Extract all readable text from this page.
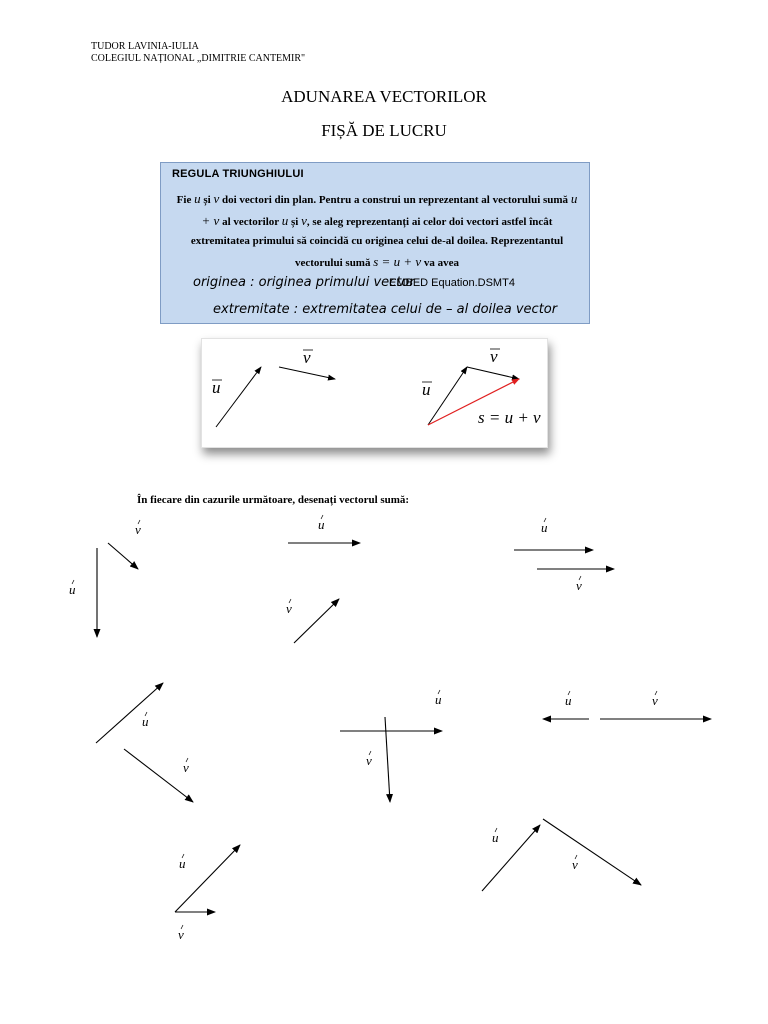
TUDOR LAVINIA-IULIA
COLEGIUL NAȚIONAL „DIMITRIE CANTEMIR"
ADUNAREA VECTORILOR
FIȘĂ DE LUCRU
REGULA TRIUNGHIULUI
Fie u și v doi vectori din plan. Pentru a construi un reprezentant al vectorului sumă u + v al vectorilor u și v, se aleg reprezentanți ai celor doi vectori astfel încât extremitatea primului să coincidă cu originea celui de-al doilea. Reprezentantul vectorului sumă s = u + v va avea
originea : originea primului vector
EMBED Equation.DSMT4
extremitate : extremitatea celui de – al doilea vector
u
v
u
v
s = u + v
În fiecare din cazurile următoare, desenați vectorul sumă:
v
u
u
v
u
v
u
v
u
v
u	v
u
v
u
v
